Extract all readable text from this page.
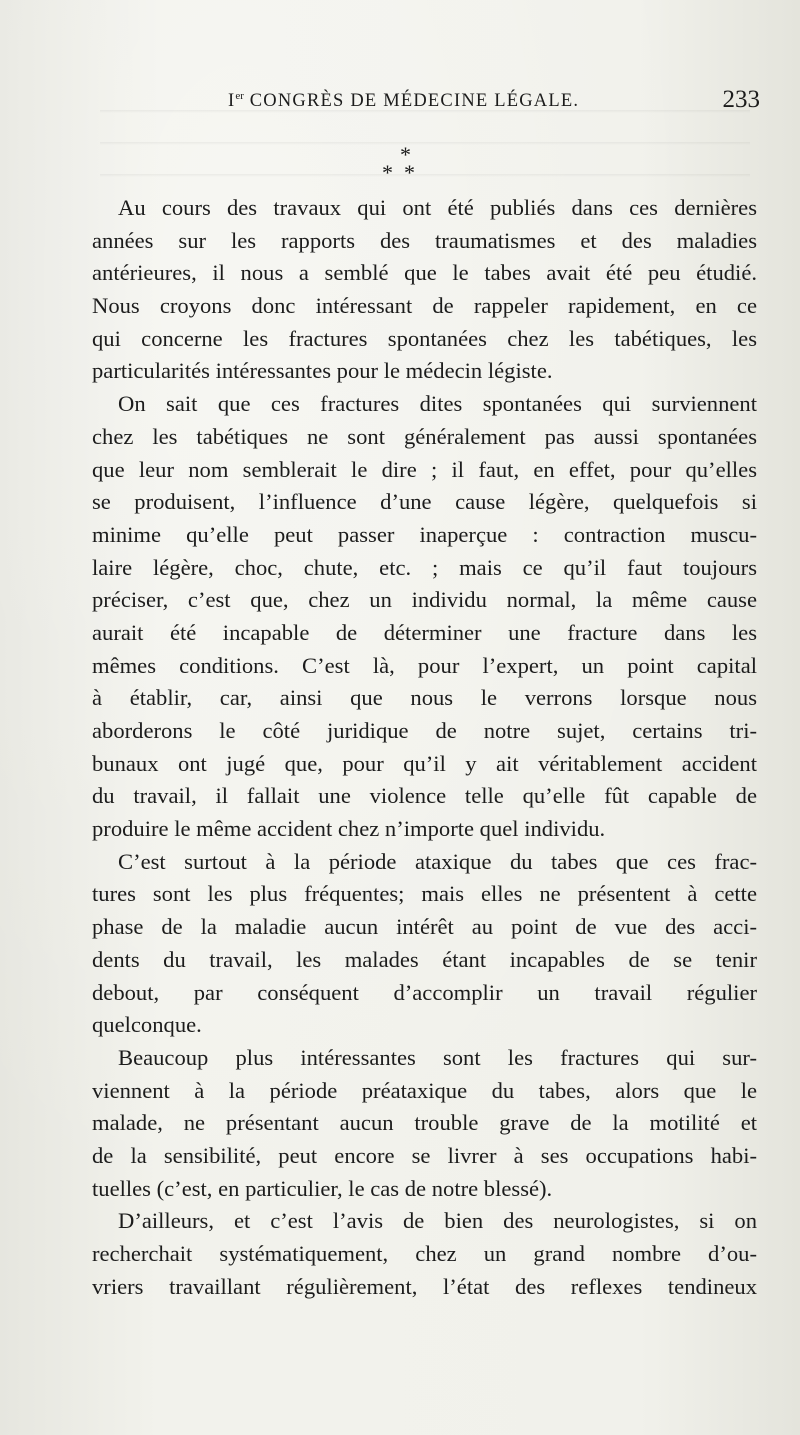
Ier CONGRÈS DE MÉDECINE LÉGALE.	233
*
* *
Au cours des travaux qui ont été publiés dans ces dernières
années sur les rapports des traumatismes et des maladies
antérieures, il nous a semblé que le tabes avait été peu étudié.
Nous croyons donc intéressant de rappeler rapidement, en ce
qui concerne les fractures spontanées chez les tabétiques, les
particularités intéressantes pour le médecin légiste.
On sait que ces fractures dites spontanées qui surviennent
chez les tabétiques ne sont généralement pas aussi spontanées
que leur nom semblerait le dire ; il faut, en effet, pour qu’elles
se produisent, l’influence d’une cause légère, quelquefois si
minime qu’elle peut passer inaperçue : contraction muscu-
laire légère, choc, chute, etc. ; mais ce qu’il faut toujours
préciser, c’est que, chez un individu normal, la même cause
aurait été incapable de déterminer une fracture dans les
mêmes conditions. C’est là, pour l’expert, un point capital
à établir, car, ainsi que nous le verrons lorsque nous
aborderons le côté juridique de notre sujet, certains tri-
bunaux ont jugé que, pour qu’il y ait véritablement accident
du travail, il fallait une violence telle qu’elle fût capable de
produire le même accident chez n’importe quel individu.
C’est surtout à la période ataxique du tabes que ces frac-
tures sont les plus fréquentes; mais elles ne présentent à cette
phase de la maladie aucun intérêt au point de vue des acci-
dents du travail, les malades étant incapables de se tenir
debout, par conséquent d’accomplir un travail régulier
quelconque.
Beaucoup plus intéressantes sont les fractures qui sur-
viennent à la période préataxique du tabes, alors que le
malade, ne présentant aucun trouble grave de la motilité et
de la sensibilité, peut encore se livrer à ses occupations habi-
tuelles (c’est, en particulier, le cas de notre blessé).
D’ailleurs, et c’est l’avis de bien des neurologistes, si on
recherchait systématiquement, chez un grand nombre d’ou-
vriers travaillant régulièrement, l’état des reflexes tendineux
